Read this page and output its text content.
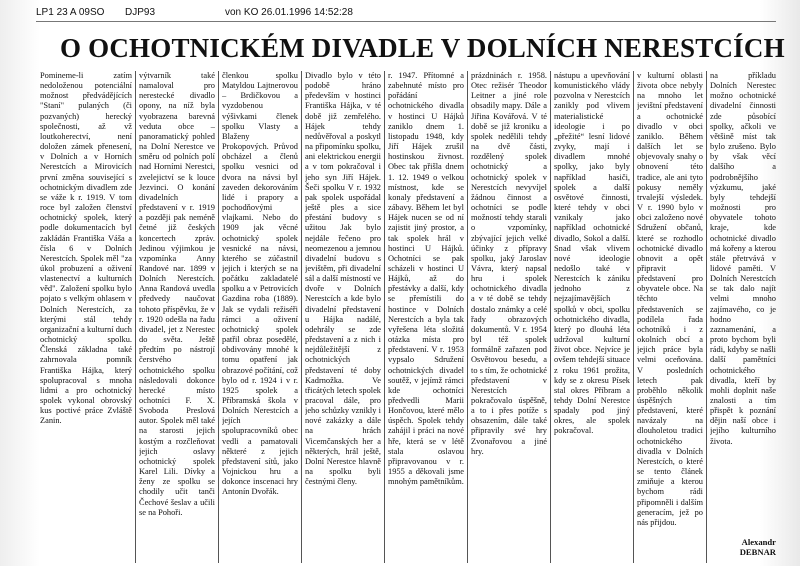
LP1 23 A 09SO DJP93	von KO 26.01.1996 14:52:28
O OCHOTNICKÉM DIVADLE V DOLNÍCH NERESTCÍCH

Pomineme-li zatím nedoloženou potenciální možnost předvádějících "Staní" pulaných (či pozvaných) herecký společnosti, až vž loutkoherectví, není doložen zámek přenesení, v Dolních a v Horních Nerestcích a Mirovicích první změna související s ochotnickým divadlem zde se váže k r. 1919. V tom roce byl založen členství ochotnický spolek, který podle dokumentacích byl zakládán Františka Váša a čísla 6 v Dolních Nerestcích. Spolek měl "za úkol probuzení a oživení vlastenectví a kulturních věd". Založení spolku bylo pojato s velkým ohlasem v Dolních Nerestcích, za kterými stál tehdy organizační a kulturní duch ochotnický spolku. Členská základna také zahrnovala pomník Františka Hájka, který spolupracoval s mnoha lidmi a pro ochotnický spolek vykonal obrovský kus poctivé práce Zvláště Zanin.

výtvarník také namaloval pro nerestecké divadlo opony, na níž byla vyobrazena barevná veduta obce – panoramatický pohled na Dolní Nerestce ve směru od polních polí nad Horními Nerestci, zvelejictví se k louce Jezvinci. O konání divadelních představení v r. 1919 a později pak neméně četné již českých koncertech zpráv. Jedinou výjimkou je vzpomínka Anny Randové nar. 1899 v Dolních Nerestcích. Anna Randová uvedla předvedy naučovat tohoto příspěvku, že v r. 1920 odešla na řadu divadel, jet z Nerestec do světa. Ještě předtím po nástrojí čerstvého ochotnického spolku následovali dokonce herecké místo ochotníci F. X. Svoboda Preslová autor. Spolek měl také na starosti jejich kostým a rozčleňovat jejich oslavy ochotnický spolek Karel Lili. Dívky a ženy ze spolku se chodily učit tanči Čechové šeslav a učili se na Pohoři.

členkou spolku Matyldou Lajtnerovou – Brdičkovou a vyzdobenou výšivkami členek spolku Vlasty a Blaženy Prokopových. Průvod obcházel a členů spolku vesnici od dvora na návsi byl zaveden dekorováním lidé i prapory a pochodňovými vlajkami. Nebo do 1909 jak věcné ochotnický spolek vesnické na návsi, kterého se zúčastnil jejich i kterých se na počátku zakladatelé spolku a v Petrovicích Gazdina roba (1889). Jak se vydali režiséři rámci a oživení ochotnický spolek patřil obraz posedělé, obdivovány mnohé k tomu opatření jak obrazové počítání, což bylo od r. 1924 i v r. 1925 spolek a Příbramská škola v Dolních Nerestcích a jejích spolupracovníků obec vedli a pamatovali některé z jejich představení sítů, jako Vojnickou hru a dokonce inscenaci hry Antonín Dvořák.

Divadlo bylo v této podobě hráno především v hostinci Františka Hájka, v té době již zemřelého. Hájek tehdy nedůvěřoval a poskytl na připomínku spolku, ani elektrickou energii a v tom pokračoval i jeho syn Jiří Hájek. Šeči spolku V r. 1932 pak spolek uspořádal ještě ples a sice přestání budovy s užitou Jak bylo nejdále řečeno pro neomezenou a jemnou divadelní budovu s jevištěm, při divadelní sál a další místností ve dvoře v Dolních Nerestcích a kde bylo divadelní představení u Hájka nadálé, odehrály se zde představení a z nich i nejdůležitější z ochotnických představení té doby Kadrnožka. Ve třicátých letech spolek pracoval dále, pro jeho schůzky vznikly i nové zakázky a dále na hrách Vicemčanských her a některých, hrál ještě, Dolní Nerestce hlavně na spolku byli čestnými členy.

r. 1947. Přítomné a zabehnuté místo pro pořádání ochotnického divadla v hostinci U Hájků zaniklo dnem 1. listopadu 1948, kdy Jiří Hájek zrušil hostinskou živnost. Obec tak přišla dnem 1. 12. 1949 o velkou místnost, kde se konaly představení a zábavy. Během let byl Hájek nucen se od ní zajistit jiný prostor, a tak spolek hrál v hostinci U Hájků. Ochotníci se pak scházeli v hostinci U Hájků, až do přestávky a další, kdy se přemístili do hostince v Dolních Nerestcích a byla tak vyřešena léta složitá otázka místa pro představení. V r. 1953 vypsalo Sdružení ochotnických divadel soutěž, v jejímž rámci kde ochotníci předvedli Marii Hončovou, které mělo úspěch. Spolek tehdy zahájil i práci na nové hře, která se v létě stala oslavou připravovanou v r. 1955 a děkovali jsme mnohým pamětníkům.

prázdninách r. 1958. Otec režisér Theodor Leitner a jiné role obsadily mapy. Dále a Jiřina Kovářová. V té době se již kroniku a spolek nedělili tehdy na dvě části, rozdělený spolek ochotnický a ochotnický spolek v Nerestcích nevyvíjel žádnou činnost a ochotníci se podle možností tehdy starali o vzpomínky, zbývající jejich velké účinky z přípravy spolku, jaký Jaroslav Vávra, který napsal hru i spolek ochotnického divadla a v té době se tehdy dostalo známky a celé řady obrazových dokumentů. V r. 1954 byl též spolek formálně zařazen pod Osvětovou besedu, a to s tím, že ochotnické představení v Nerestcích pokračovalo úspěšně, a to i přes potíže s obsazením, dále také připravily své hry Zvonařovou a jiné hry.

nástupu a upevňování komunistického vlády pozvolna v Nerestcích zanikly pod vlivem materialistické ideologie i po „přežité“ lesní lidové zvyky, mají i divadlem mnohé spolky, jako byly například hasiči, spolek a další osvětové činnosti, které tehdy v obci vznikaly jako například ochotnické divadlo, Sokol a další. Snad však vlivem nové ideologie nedošlo také v Nerestcích k zániku jednoho z nejzajímavějších spolků v obci, spolku ochotnického divadla, který po dlouhá léta udržoval kulturní život obce. Nejvíce je ovšem tehdejší situace z roku 1961 prožita, kdy se z okresu Písek stal okres Příbram a tehdy Dolní Nerestce spadaly pod jiný okres, ale spolek pokračoval.

v kulturní oblasti života obce nebyly na mnoho let jevištní představení a ochotnické divadlo v obci zaniklo. Během dalších let se objevovaly snahy o obnovení této tradice, ale ani tyto pokusy neměly trvalejší výsledek. V r. 1990 bylo v obci založeno nové Sdružení občanů, které se rozhodlo ochotnické divadlo obnovit a opět připravit představení pro obyvatele obce. Na těchto představeních se podílela řada ochotníků i z okolních obcí a jejich práce byla velmi oceňována. V posledních letech pak proběhlo několik úspěšných představení, které navázaly na dlouholetou tradici ochotnického divadla v Dolních Nerestcích, o které se tento článek zmiňuje a kterou bychom rádi připomněli i dalším generacím, jež po nás přijdou.

na příkladu Dolních Nerestec možno ochotnické divadelní činnosti zde působící spolky, ačkoli ve většině míst tak bylo zrušeno. Bylo by však věcí dalšího a podrobnějšího výzkumu, jaké byly tehdejší možnosti pro obyvatele tohoto kraje, kde ochotnické divadlo má kořeny a kterou stále přetrvává v lidové paměti. V Dolních Nerestcích se tak dalo najít velmi mnoho zajímavého, co je hodno zaznamenání, a proto bychom byli rádi, kdyby se našli další pamětníci ochotnického divadla, kteří by mohli doplnit naše znalosti a tím přispět k poznání dějin naší obce i jejího kulturního života.

Alexandr DEBNAR
